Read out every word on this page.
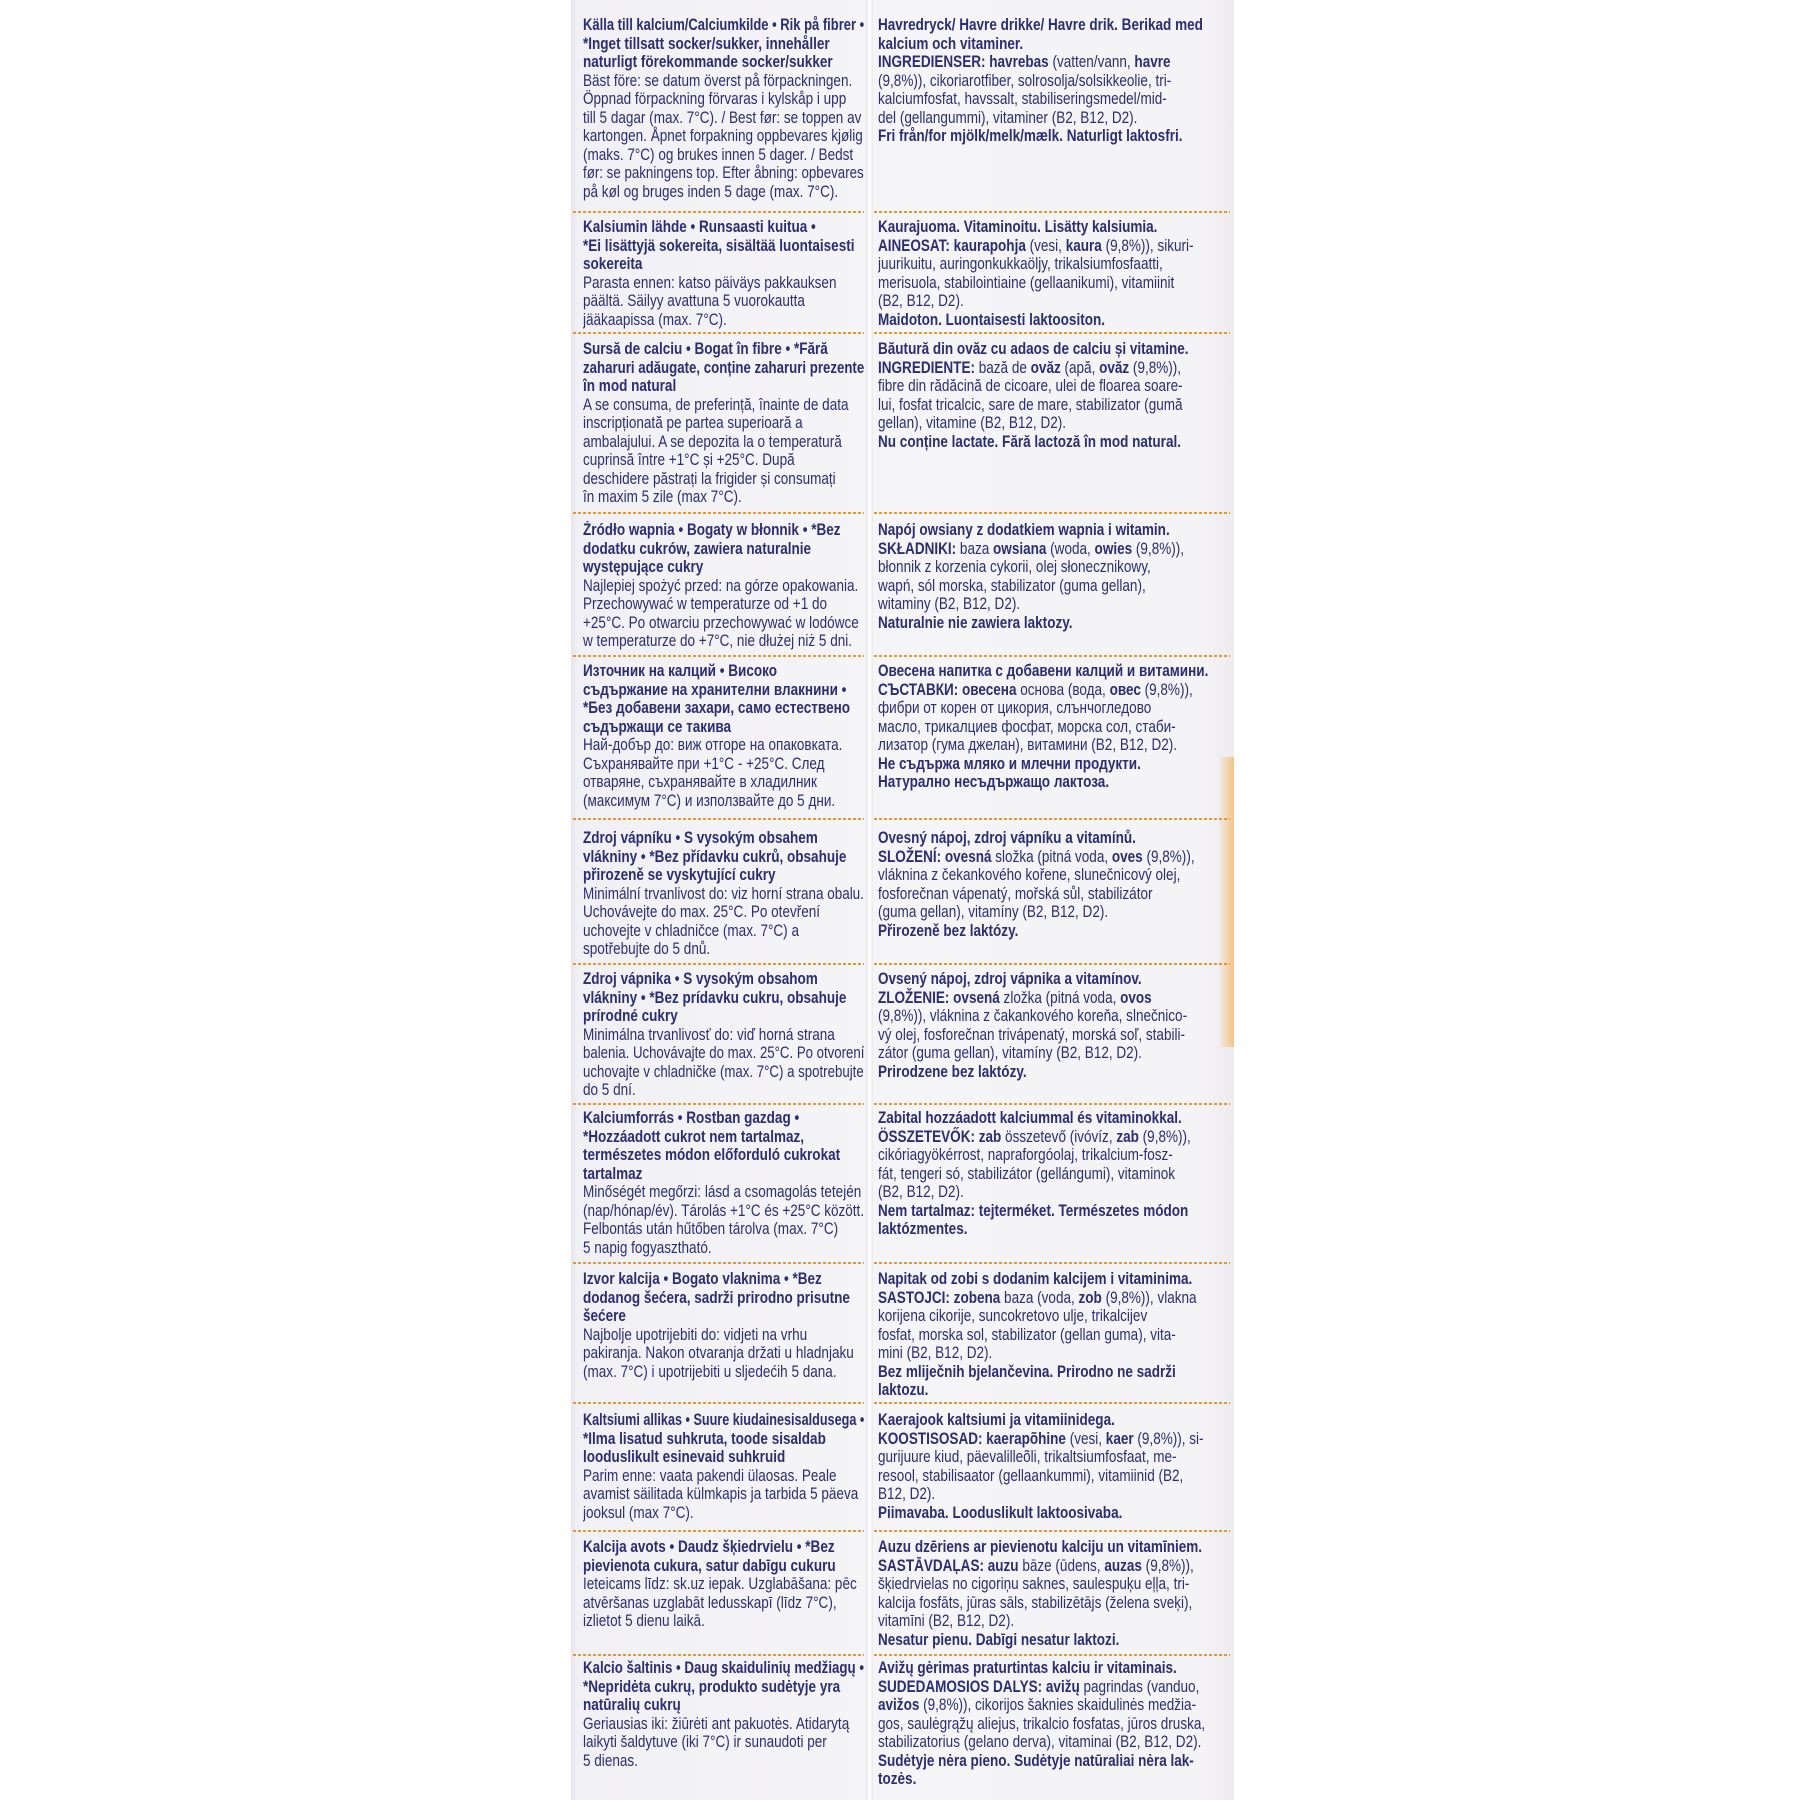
Källa till kalcium/Calciumkilde • Rik på fibrer •
*Inget tillsatt socker/sukker, innehåller
naturligt förekommande socker/sukker
Bäst före: se datum överst på förpackningen.
Öppnad förpackning förvaras i kylskåp i upp
till 5 dagar (max. 7°C). / Best før: se toppen av
kartongen. Åpnet forpakning oppbevares kjølig
(maks. 7°C) og brukes innen 5 dager. / Bedst
før: se pakningens top. Efter åbning: opbevares
på køl og bruges inden 5 dage (max. 7°C).
Havredryck/ Havre drikke/ Havre drik. Berikad med
kalcium och vitaminer.
INGREDIENSER: havrebas (vatten/vann, havre
(9,8%)), cikoriarotfiber, solrosolja/solsikkeolie, tri-
kalciumfosfat, havssalt, stabiliseringsmedel/mid-
del (gellangummi), vitaminer (B2, B12, D2).
Fri från/for mjölk/melk/mælk. Naturligt laktosfri.
Kalsiumin lähde • Runsaasti kuitua •
*Ei lisättyjä sokereita, sisältää luontaisesti
sokereita
Parasta ennen: katso päiväys pakkauksen
päältä. Säilyy avattuna 5 vuorokautta
jääkaapissa (max. 7°C).
Kaurajuoma. Vitaminoitu. Lisätty kalsiumia.
AINEOSAT: kaurapohja (vesi, kaura (9,8%)), sikuri-
juurikuitu, auringonkukkaöljy, trikalsiumfosfaatti,
merisuola, stabilointiaine (gellaanikumi), vitamiinit
(B2, B12, D2).
Maidoton. Luontaisesti laktoositon.
Sursă de calciu • Bogat în fibre • *Fără
zaharuri adăugate, conține zaharuri prezente
în mod natural
A se consuma, de preferință, înainte de data
inscripționată pe partea superioară a
ambalajului. A se depozita la o temperatură
cuprinsă între +1°C și +25°C. După
deschidere păstrați la frigider și consumați
în maxim 5 zile (max 7°C).
Băutură din ovăz cu adaos de calciu și vitamine.
INGREDIENTE: bază de ovăz (apă, ovăz (9,8%)),
fibre din rădăcină de cicoare, ulei de floarea soare-
lui, fosfat tricalcic, sare de mare, stabilizator (gumă
gellan), vitamine (B2, B12, D2).
Nu conține lactate. Fără lactoză în mod natural.
Źródło wapnia • Bogaty w błonnik • *Bez
dodatku cukrów, zawiera naturalnie
występujące cukry
Najlepiej spożyć przed: na górze opakowania.
Przechowywać w temperaturze od +1 do
+25°C. Po otwarciu przechowywać w lodówce
w temperaturze do +7°C, nie dłużej niż 5 dni.
Napój owsiany z dodatkiem wapnia i witamin.
SKŁADNIKI: baza owsiana (woda, owies (9,8%)),
błonnik z korzenia cykorii, olej słonecznikowy,
wapń, sól morska, stabilizator (guma gellan),
witaminy (B2, B12, D2).
Naturalnie nie zawiera laktozy.
Източник на калций • Високо
съдържание на хранителни влакнини •
*Без добавени захари, само естествено
съдържащи се такива
Най-добър до: виж отгоре на опаковката.
Съхранявайте при +1°C - +25°C. След
отваряне, съхранявайте в хладилник
(максимум 7°C) и използвайте до 5 дни.
Овесена напитка с добавени калций и витамини.
СЪСТАВКИ: овесена основа (вода, овес (9,8%)),
фибри от корен от цикория, слънчогледово
масло, трикалциев фосфат, морска сол, стаби-
лизатор (гума джелан), витамини (B2, B12, D2).
Не съдържа мляко и млечни продукти.
Натурално несъдържащо лактоза.
Zdroj vápníku • S vysokým obsahem
vlákniny • *Bez přídavku cukrů, obsahuje
přirozeně se vyskytující cukry
Minimální trvanlivost do: viz horní strana obalu.
Uchovávejte do max. 25°C. Po otevření
uchovejte v chladničce (max. 7°C) a
spotřebujte do 5 dnů.
Ovesný nápoj, zdroj vápníku a vitamínů.
SLOŽENÍ: ovesná složka (pitná voda, oves (9,8%)),
vláknina z čekankového kořene, slunečnicový olej,
fosforečnan vápenatý, mořská sůl, stabilizátor
(guma gellan), vitamíny (B2, B12, D2).
Přirozeně bez laktózy.
Zdroj vápnika • S vysokým obsahom
vlákniny • *Bez prídavku cukru, obsahuje
prírodné cukry
Minimálna trvanlivosť do: viď horná strana
balenia. Uchovávajte do max. 25°C. Po otvorení
uchovajte v chladničke (max. 7°C) a spotrebujte
do 5 dní.
Ovsený nápoj, zdroj vápnika a vitamínov.
ZLOŽENIE: ovsená zložka (pitná voda, ovos
(9,8%)), vláknina z čakankového koreňa, slnečnico-
vý olej, fosforečnan trivápenatý, morská soľ, stabili-
zátor (guma gellan), vitamíny (B2, B12, D2).
Prirodzene bez laktózy.
Kalciumforrás • Rostban gazdag •
*Hozzáadott cukrot nem tartalmaz,
természetes módon előforduló cukrokat
tartalmaz
Minőségét megőrzi: lásd a csomagolás tetején
(nap/hónap/év). Tárolás +1°C és +25°C között.
Felbontás után hűtőben tárolva (max. 7°C)
5 napig fogyasztható.
Zabital hozzáadott kalciummal és vitaminokkal.
ÖSSZETEVŐK: zab összetevő (ivóvíz, zab (9,8%)),
cikóriagyökérrost, napraforgóolaj, trikalcium-fosz-
fát, tengeri só, stabilizátor (gellángumi), vitaminok
(B2, B12, D2).
Nem tartalmaz: tejterméket. Természetes módon
laktózmentes.
Izvor kalcija • Bogato vlaknima • *Bez
dodanog šećera, sadrži prirodno prisutne
šećere
Najbolje upotrijebiti do: vidjeti na vrhu
pakiranja. Nakon otvaranja držati u hladnjaku
(max. 7°C) i upotrijebiti u sljedećih 5 dana.
Napitak od zobi s dodanim kalcijem i vitaminima.
SASTOJCI: zobena baza (voda, zob (9,8%)), vlakna
korijena cikorije, suncokretovo ulje, trikalcijev
fosfat, morska sol, stabilizator (gellan guma), vita-
mini (B2, B12, D2).
Bez mliječnih bjelančevina. Prirodno ne sadrži
laktozu.
Kaltsiumi allikas • Suure kiudainesisaldusega •
*Ilma lisatud suhkruta, toode sisaldab
looduslikult esinevaid suhkruid
Parim enne: vaata pakendi ülaosas. Peale
avamist säilitada külmkapis ja tarbida 5 päeva
jooksul (max 7°C).
Kaerajook kaltsiumi ja vitamiinidega.
KOOSTISOSAD: kaerapõhine (vesi, kaer (9,8%)), si-
gurijuure kiud, päevalilleõli, trikaltsiumfosfaat, me-
resool, stabilisaator (gellaankummi), vitamiinid (B2,
B12, D2).
Piimavaba. Looduslikult laktoosivaba.
Kalcija avots • Daudz šķiedrvielu • *Bez
pievienota cukura, satur dabīgu cukuru
Ieteicams līdz: sk.uz iepak. Uzglabāšana: pēc
atvēršanas uzglabāt ledusskapī (līdz 7°C),
izlietot 5 dienu laikā.
Auzu dzēriens ar pievienotu kalciju un vitamīniem.
SASTĀVDAĻAS: auzu bāze (ūdens, auzas (9,8%)),
šķiedrvielas no cigoriņu saknes, saulespuķu eļļa, tri-
kalcija fosfāts, jūras sāls, stabilizētājs (želena sveķi),
vitamīni (B2, B12, D2).
Nesatur pienu. Dabīgi nesatur laktozi.
Kalcio šaltinis • Daug skaidulinių medžiagų •
*Nepridėta cukrų, produkto sudėtyje yra
natūralių cukrų
Geriausias iki: žiūrėti ant pakuotės. Atidarytą
laikyti šaldytuve (iki 7°C) ir sunaudoti per
5 dienas.
Avižų gėrimas praturtintas kalciu ir vitaminais.
SUDEDAMOSIOS DALYS: avižų pagrindas (vanduo,
avižos (9,8%)), cikorijos šaknies skaidulinės medžia-
gos, saulėgrąžų aliejus, trikalcio fosfatas, jūros druska,
stabilizatorius (gelano derva), vitaminai (B2, B12, D2).
Sudėtyje nėra pieno. Sudėtyje natūraliai nėra lak-
tozės.
